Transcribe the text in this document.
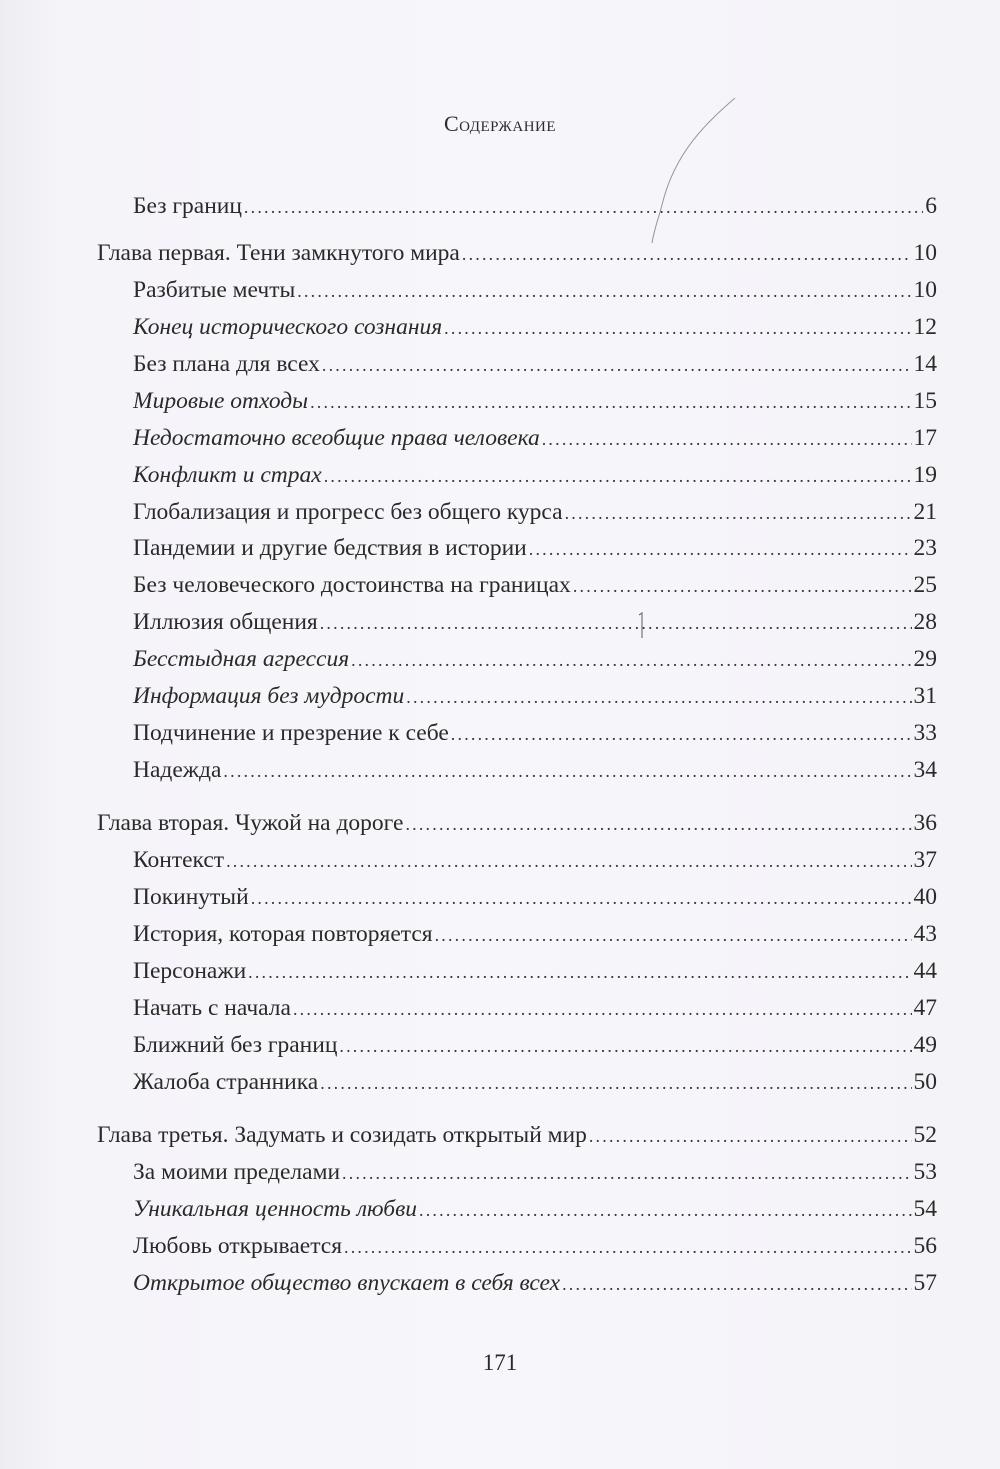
Содержание
Без границ .....	6
Глава первая. Тени замкнутого мира .....	10
Разбитые мечты .....	10
Конец исторического сознания .....	12
Без плана для всех .....	14
Мировые отходы .....	15
Недостаточно всеобщие права человека .....	17
Конфликт и страх .....	19
Глобализация и прогресс без общего курса .....	21
Пандемии и другие бедствия в истории .....	23
Без человеческого достоинства на границах .....	25
Иллюзия общения .....	28
Бесстыдная агрессия .....	29
Информация без мудрости .....	31
Подчинение и презрение к себе .....	33
Надежда .....	34
Глава вторая. Чужой на дороге .....	36
Контекст .....	37
Покинутый .....	40
История, которая повторяется .....	43
Персонажи .....	44
Начать с начала .....	47
Ближний без границ .....	49
Жалоба странника .....	50
Глава третья. Задумать и созидать открытый мир .....	52
За моими пределами .....	53
Уникальная ценность любви .....	54
Любовь открывается .....	56
Открытое общество впускает в себя всех .....	57
171
